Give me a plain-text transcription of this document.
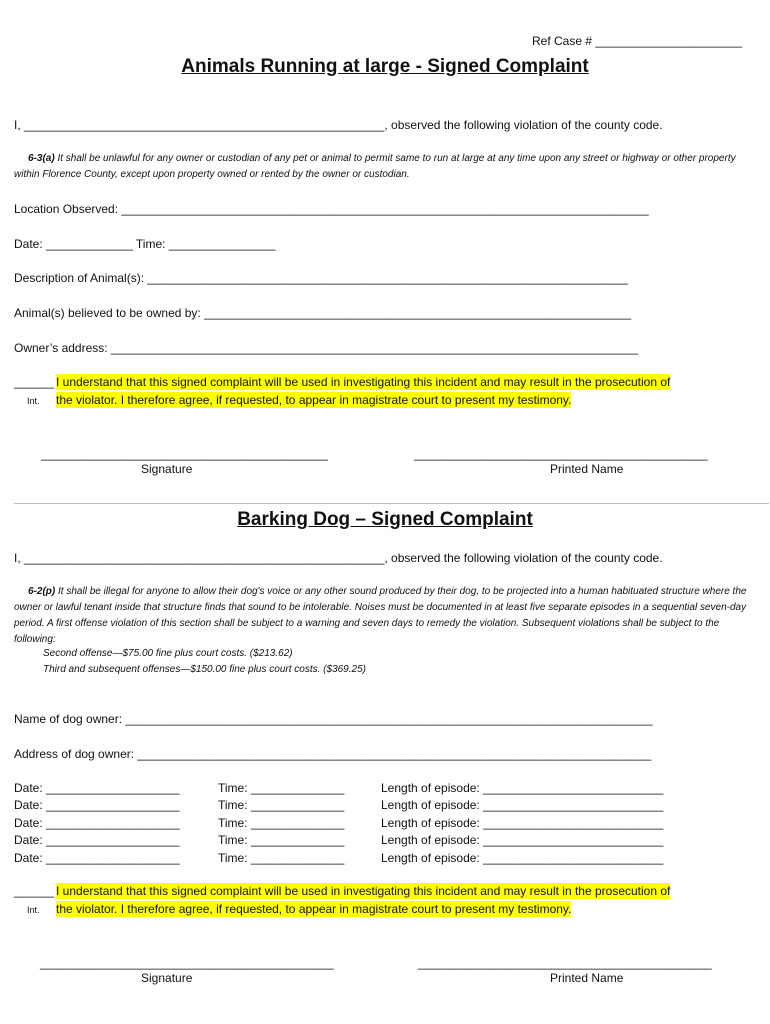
Ref Case # ______________________
Animals Running at large - Signed Complaint
I, ______________________________________________________, observed the following violation of the county code.
6-3(a) It shall be unlawful for any owner or custodian of any pet or animal to permit same to run at large at any time upon any street or highway or other property within Florence County, except upon property owned or rented by the owner or custodian.
Location Observed: _______________________________________________________________________________
Date: _____________ Time: ________________
Description of Animal(s): ________________________________________________________________________
Animal(s) believed to be owned by: ________________________________________________________________
Owner’s address: _______________________________________________________________________________
______ I understand that this signed complaint will be used in investigating this incident and may result in the prosecution of
Int. the violator. I therefore agree, if requested, to appear in magistrate court to present my testimony.
___________________________________________
Signature
____________________________________________
Printed Name
Barking Dog – Signed Complaint
I, ______________________________________________________, observed the following violation of the county code.
6-2(p) It shall be illegal for anyone to allow their dog's voice or any other sound produced by their dog, to be projected into a human habituated structure where the owner or lawful tenant inside that structure finds that sound to be intolerable. Noises must be documented in at least five separate episodes in a sequential seven-day period. A first offense violation of this section shall be subject to a warning and seven days to remedy the violation. Subsequent violations shall be subject to the following:
Second offense—$75.00 fine plus court costs. ($213.62)
Third and subsequent offenses—$150.00 fine plus court costs. ($369.25)
Name of dog owner: _______________________________________________________________________________
Address of dog owner: _____________________________________________________________________________
Date: ____________________	Time: ______________	Length of episode: ___________________________
Date: ____________________	Time: ______________	Length of episode: ___________________________
Date: ____________________	Time: ______________	Length of episode: ___________________________
Date: ____________________	Time: ______________	Length of episode: ___________________________
Date: ____________________	Time: ______________	Length of episode: ___________________________
______ I understand that this signed complaint will be used in investigating this incident and may result in the prosecution of
Int. the violator. I therefore agree, if requested, to appear in magistrate court to present my testimony.
____________________________________________
Signature
____________________________________________
Printed Name
